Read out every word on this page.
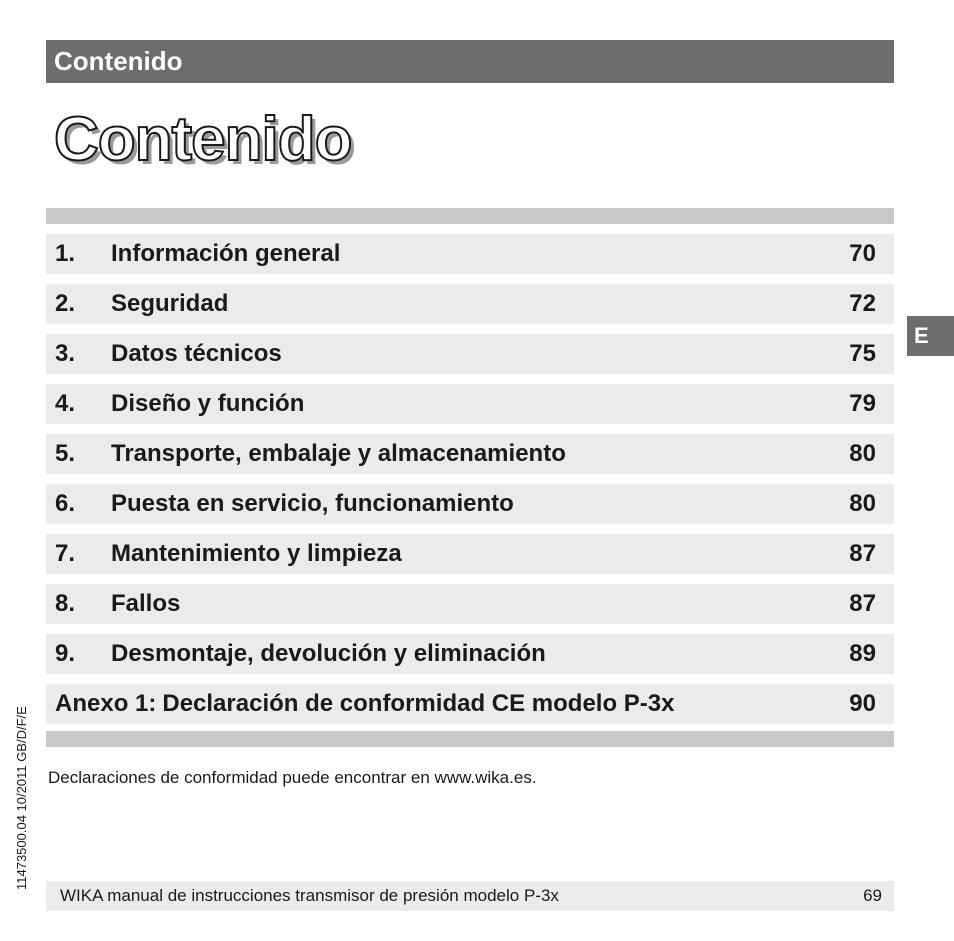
Contenido
Contenido
1.	Información general	70
2.	Seguridad	72
3.	Datos técnicos	75
4.	Diseño y función	79
5.	Transporte, embalaje y almacenamiento	80
6.	Puesta en servicio, funcionamiento	80
7.	Mantenimiento y limpieza	87
8.	Fallos	87
9.	Desmontaje, devolución y eliminación	89
Anexo 1: Declaración de conformidad CE modelo P-3x	90
E
Declaraciones de conformidad puede encontrar en www.wika.es.
11473500.04 10/2011 GB/D/F/E
WIKA manual de instrucciones transmisor de presión modelo P-3x	69
